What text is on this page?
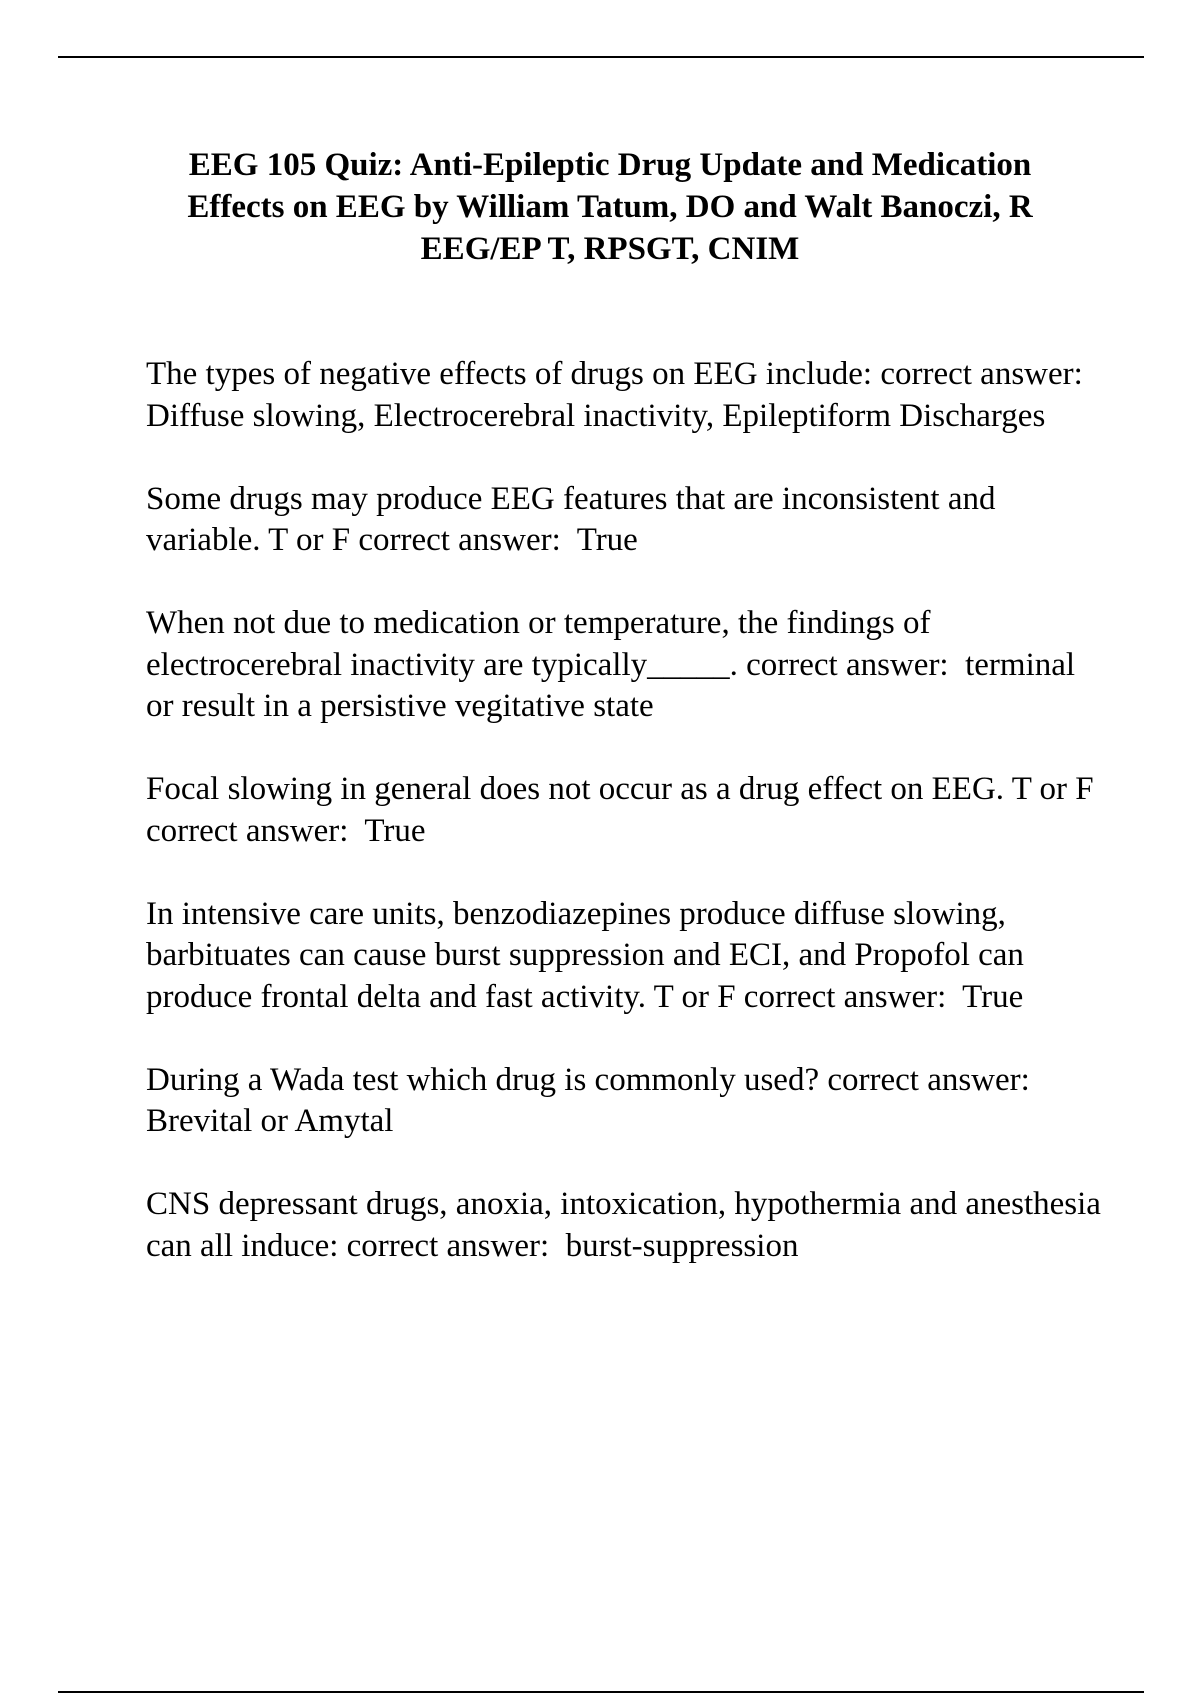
EEG 105 Quiz: Anti-Epileptic Drug Update and Medication Effects on EEG by William Tatum, DO and Walt Banoczi, R EEG/EP T, RPSGT, CNIM

The types of negative effects of drugs on EEG include: correct answer:  Diffuse slowing, Electrocerebral inactivity, Epileptiform Discharges

Some drugs may produce EEG features that are inconsistent and variable. T or F correct answer:  True

When not due to medication or temperature, the findings of electrocerebral inactivity are typically_____. correct answer:  terminal or result in a persistive vegitative state

Focal slowing in general does not occur as a drug effect on EEG. T or F correct answer:  True

In intensive care units, benzodiazepines produce diffuse slowing, barbituates can cause burst suppression and ECI, and Propofol can produce frontal delta and fast activity. T or F correct answer:  True

During a Wada test which drug is commonly used? correct answer:  Brevital or Amytal

CNS depressant drugs, anoxia, intoxication, hypothermia and anesthesia can all induce: correct answer:  burst-suppression
